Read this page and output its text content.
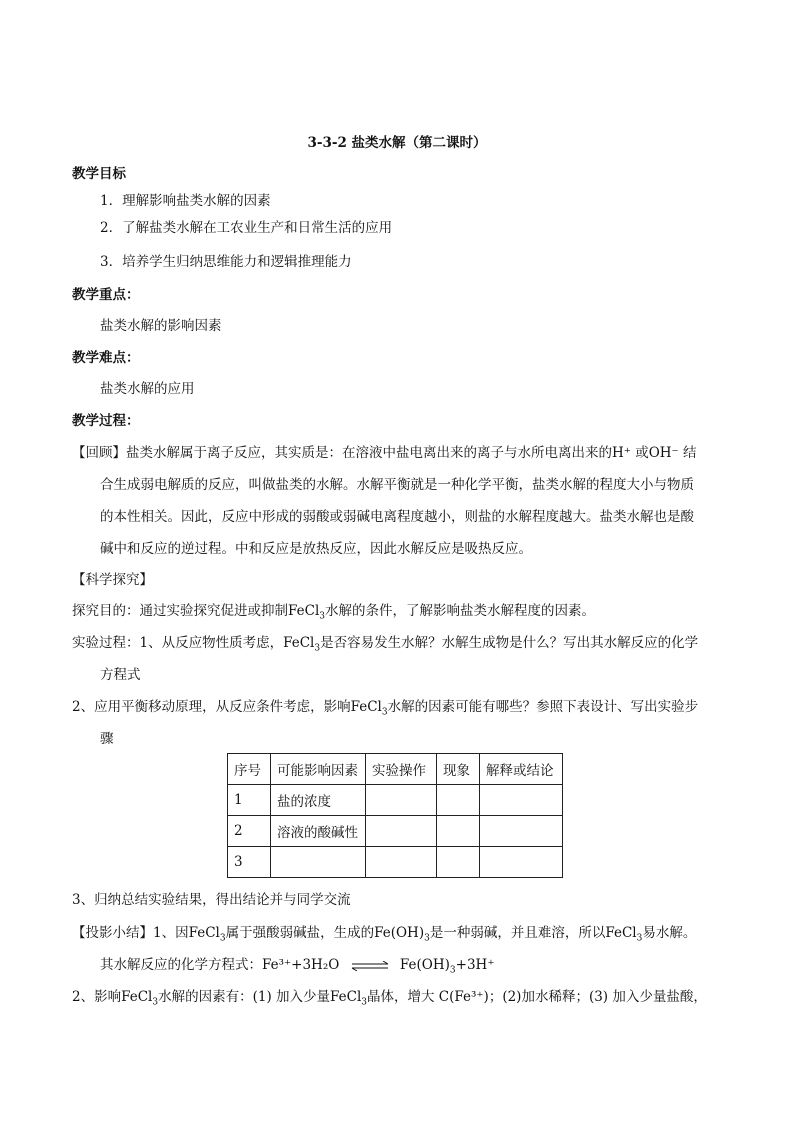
3-3-2 盐类水解（第二课时）
教学目标
1．理解影响盐类水解的因素
2．了解盐类水解在工农业生产和日常生活的应用
3．培养学生归纳思维能力和逻辑推理能力
教学重点：
盐类水解的影响因素
教学难点：
盐类水解的应用
教学过程：
【回顾】盐类水解属于离子反应，其实质是：在溶液中盐电离出来的离子与水所电离出来的H⁺ 或OH⁻ 结
合生成弱电解质的反应，叫做盐类的水解。水解平衡就是一种化学平衡，盐类水解的程度大小与物质
的本性相关。因此，反应中形成的弱酸或弱碱电离程度越小，则盐的水解程度越大。盐类水解也是酸
碱中和反应的逆过程。中和反应是放热反应，因此水解反应是吸热反应。
【科学探究】
探究目的：通过实验探究促进或抑制FeCl$_3$水解的条件，了解影响盐类水解程度的因素。
实验过程：1、从反应物性质考虑，FeCl$_3$是否容易发生水解？水解生成物是什么？写出其水解反应的化学
方程式
2、应用平衡移动原理，从反应条件考虑，影响FeCl$_3$水解的因素可能有哪些？参照下表设计、写出实验步
骤
序号	可能影响因素	实验操作	现象	解释或结论
1	盐的浓度			
2	溶液的酸碱性			
3				
3、归纳总结实验结果，得出结论并与同学交流
【投影小结】1、因FeCl$_3$属于强酸弱碱盐，生成的$Fe(OH)_3$是一种弱碱，并且难溶，所以FeCl$_3$易水解。
其水解反应的化学方程式：Fe³⁺+3H₂O ⇌ $Fe(OH)_3+3H^+$
2、影响FeCl$_3$水解的因素有：(1) 加入少量FeCl$_3$晶体，增大 C(Fe³⁺)；(2)加水稀释；(3) 加入少量盐酸，
